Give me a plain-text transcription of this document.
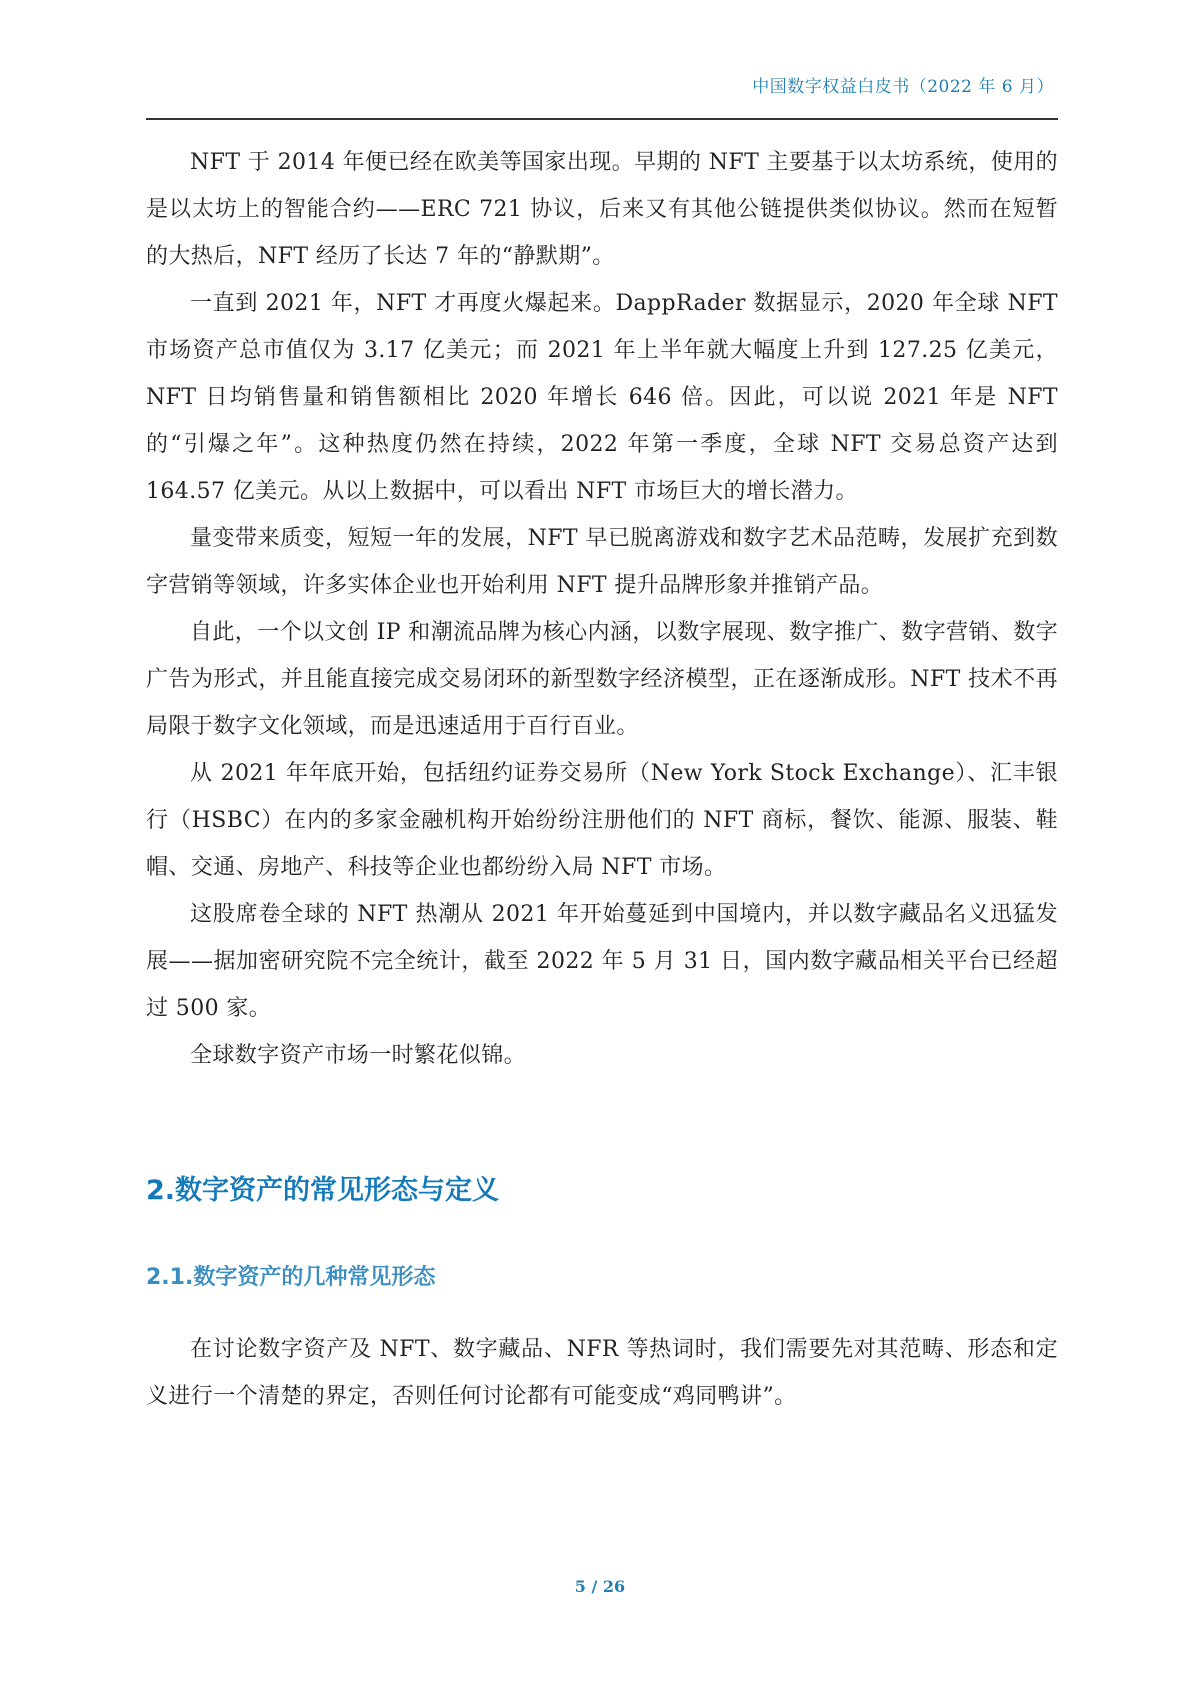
中国数字权益白皮书（2022 年 6 月）

NFT 于 2014 年便已经在欧美等国家出现。早期的 NFT 主要基于以太坊系统，使用的是以太坊上的智能合约——ERC 721 协议，后来又有其他公链提供类似协议。然而在短暂的大热后，NFT 经历了长达 7 年的“静默期”。

一直到 2021 年，NFT 才再度火爆起来。DappRader 数据显示，2020 年全球 NFT 市场资产总市值仅为 3.17 亿美元；而 2021 年上半年就大幅度上升到 127.25 亿美元，NFT 日均销售量和销售额相比 2020 年增长 646 倍。因此，可以说 2021 年是 NFT 的“引爆之年”。这种热度仍然在持续，2022 年第一季度，全球 NFT 交易总资产达到 164.57 亿美元。从以上数据中，可以看出 NFT 市场巨大的增长潜力。

量变带来质变，短短一年的发展，NFT 早已脱离游戏和数字艺术品范畴，发展扩充到数字营销等领域，许多实体企业也开始利用 NFT 提升品牌形象并推销产品。

自此，一个以文创 IP 和潮流品牌为核心内涵，以数字展现、数字推广、数字营销、数字广告为形式，并且能直接完成交易闭环的新型数字经济模型，正在逐渐成形。NFT 技术不再局限于数字文化领域，而是迅速适用于百行百业。

从 2021 年年底开始，包括纽约证券交易所（New York Stock Exchange）、汇丰银行（HSBC）在内的多家金融机构开始纷纷注册他们的 NFT 商标，餐饮、能源、服装、鞋帽、交通、房地产、科技等企业也都纷纷入局 NFT 市场。

这股席卷全球的 NFT 热潮从 2021 年开始蔓延到中国境内，并以数字藏品名义迅猛发展——据加密研究院不完全统计，截至 2022 年 5 月 31 日，国内数字藏品相关平台已经超过 500 家。

全球数字资产市场一时繁花似锦。

2.数字资产的常见形态与定义
2.1.数字资产的几种常见形态

在讨论数字资产及 NFT、数字藏品、NFR 等热词时，我们需要先对其范畴、形态和定义进行一个清楚的界定，否则任何讨论都有可能变成“鸡同鸭讲”。

5 / 26
